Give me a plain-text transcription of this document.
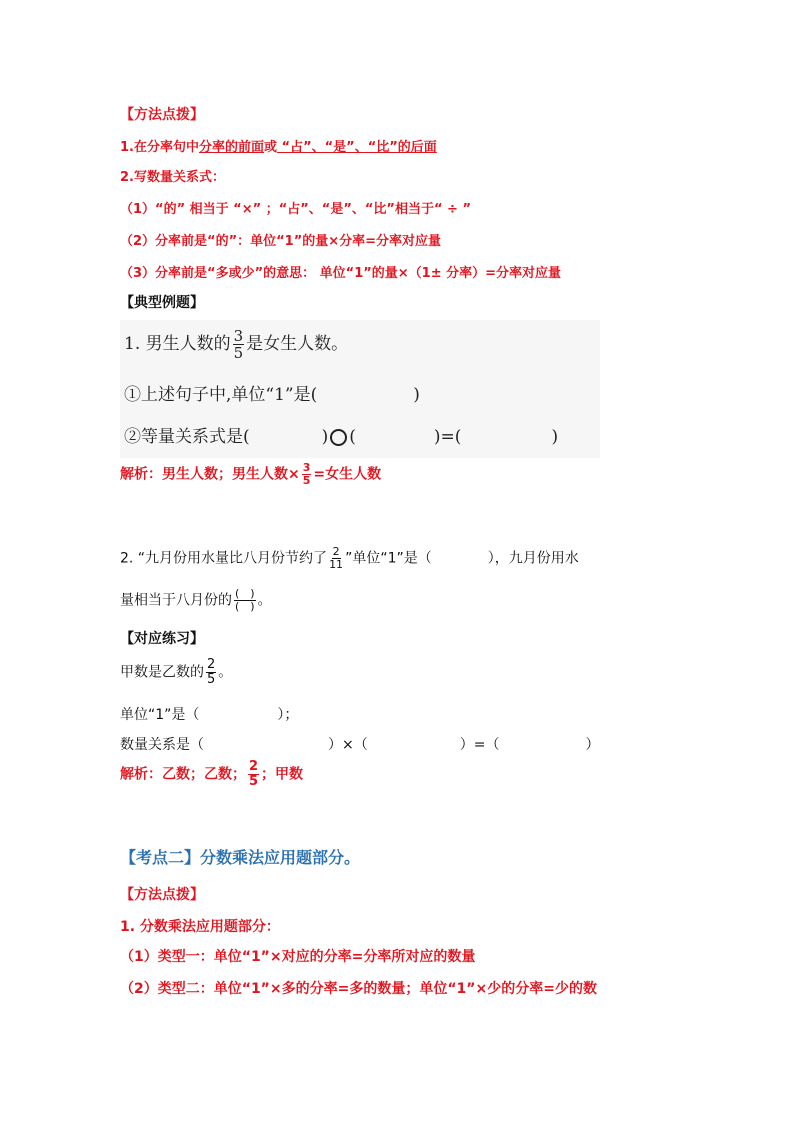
【方法点拨】
1.在分率句中分率的前面或 “占”、“是”、“比”的后面
2.写数量关系式：
（1）“的” 相当于 “×” ；“占”、“是”、“比”相当于“ ÷ ”
（2）分率前是“的”：单位“1”的量×分率=分率对应量
（3）分率前是“多或少”的意思： 单位“1”的量×（1± 分率）=分率对应量
【典型例题】
1. 男生人数的 $\frac{3}{5}$ 是女生人数。
①上述句子中,单位“1”是(	)
②等量关系式是(	) (	)=(	)
解析：男生人数；男生人数× $\frac{3}{5}$ =女生人数
2. “九月份用水量比八月份节约了 $\frac{2}{11}$ ”单位“1”是（	），九月份用水
量相当于八月份的 $\frac{( )}{( )}$ 。
【对应练习】
甲数是乙数的 $\frac{2}{5}$ 。
单位“1”是（	）；
数量关系是（	）×（	）=（	）
解析：乙数；乙数； $\frac{2}{5}$ ；甲数
【考点二】分数乘法应用题部分。
【方法点拨】
1. 分数乘法应用题部分：
（1）类型一：单位“1”×对应的分率=分率所对应的数量
（2）类型二：单位“1”×多的分率=多的数量；单位“1”×少的分率=少的数
